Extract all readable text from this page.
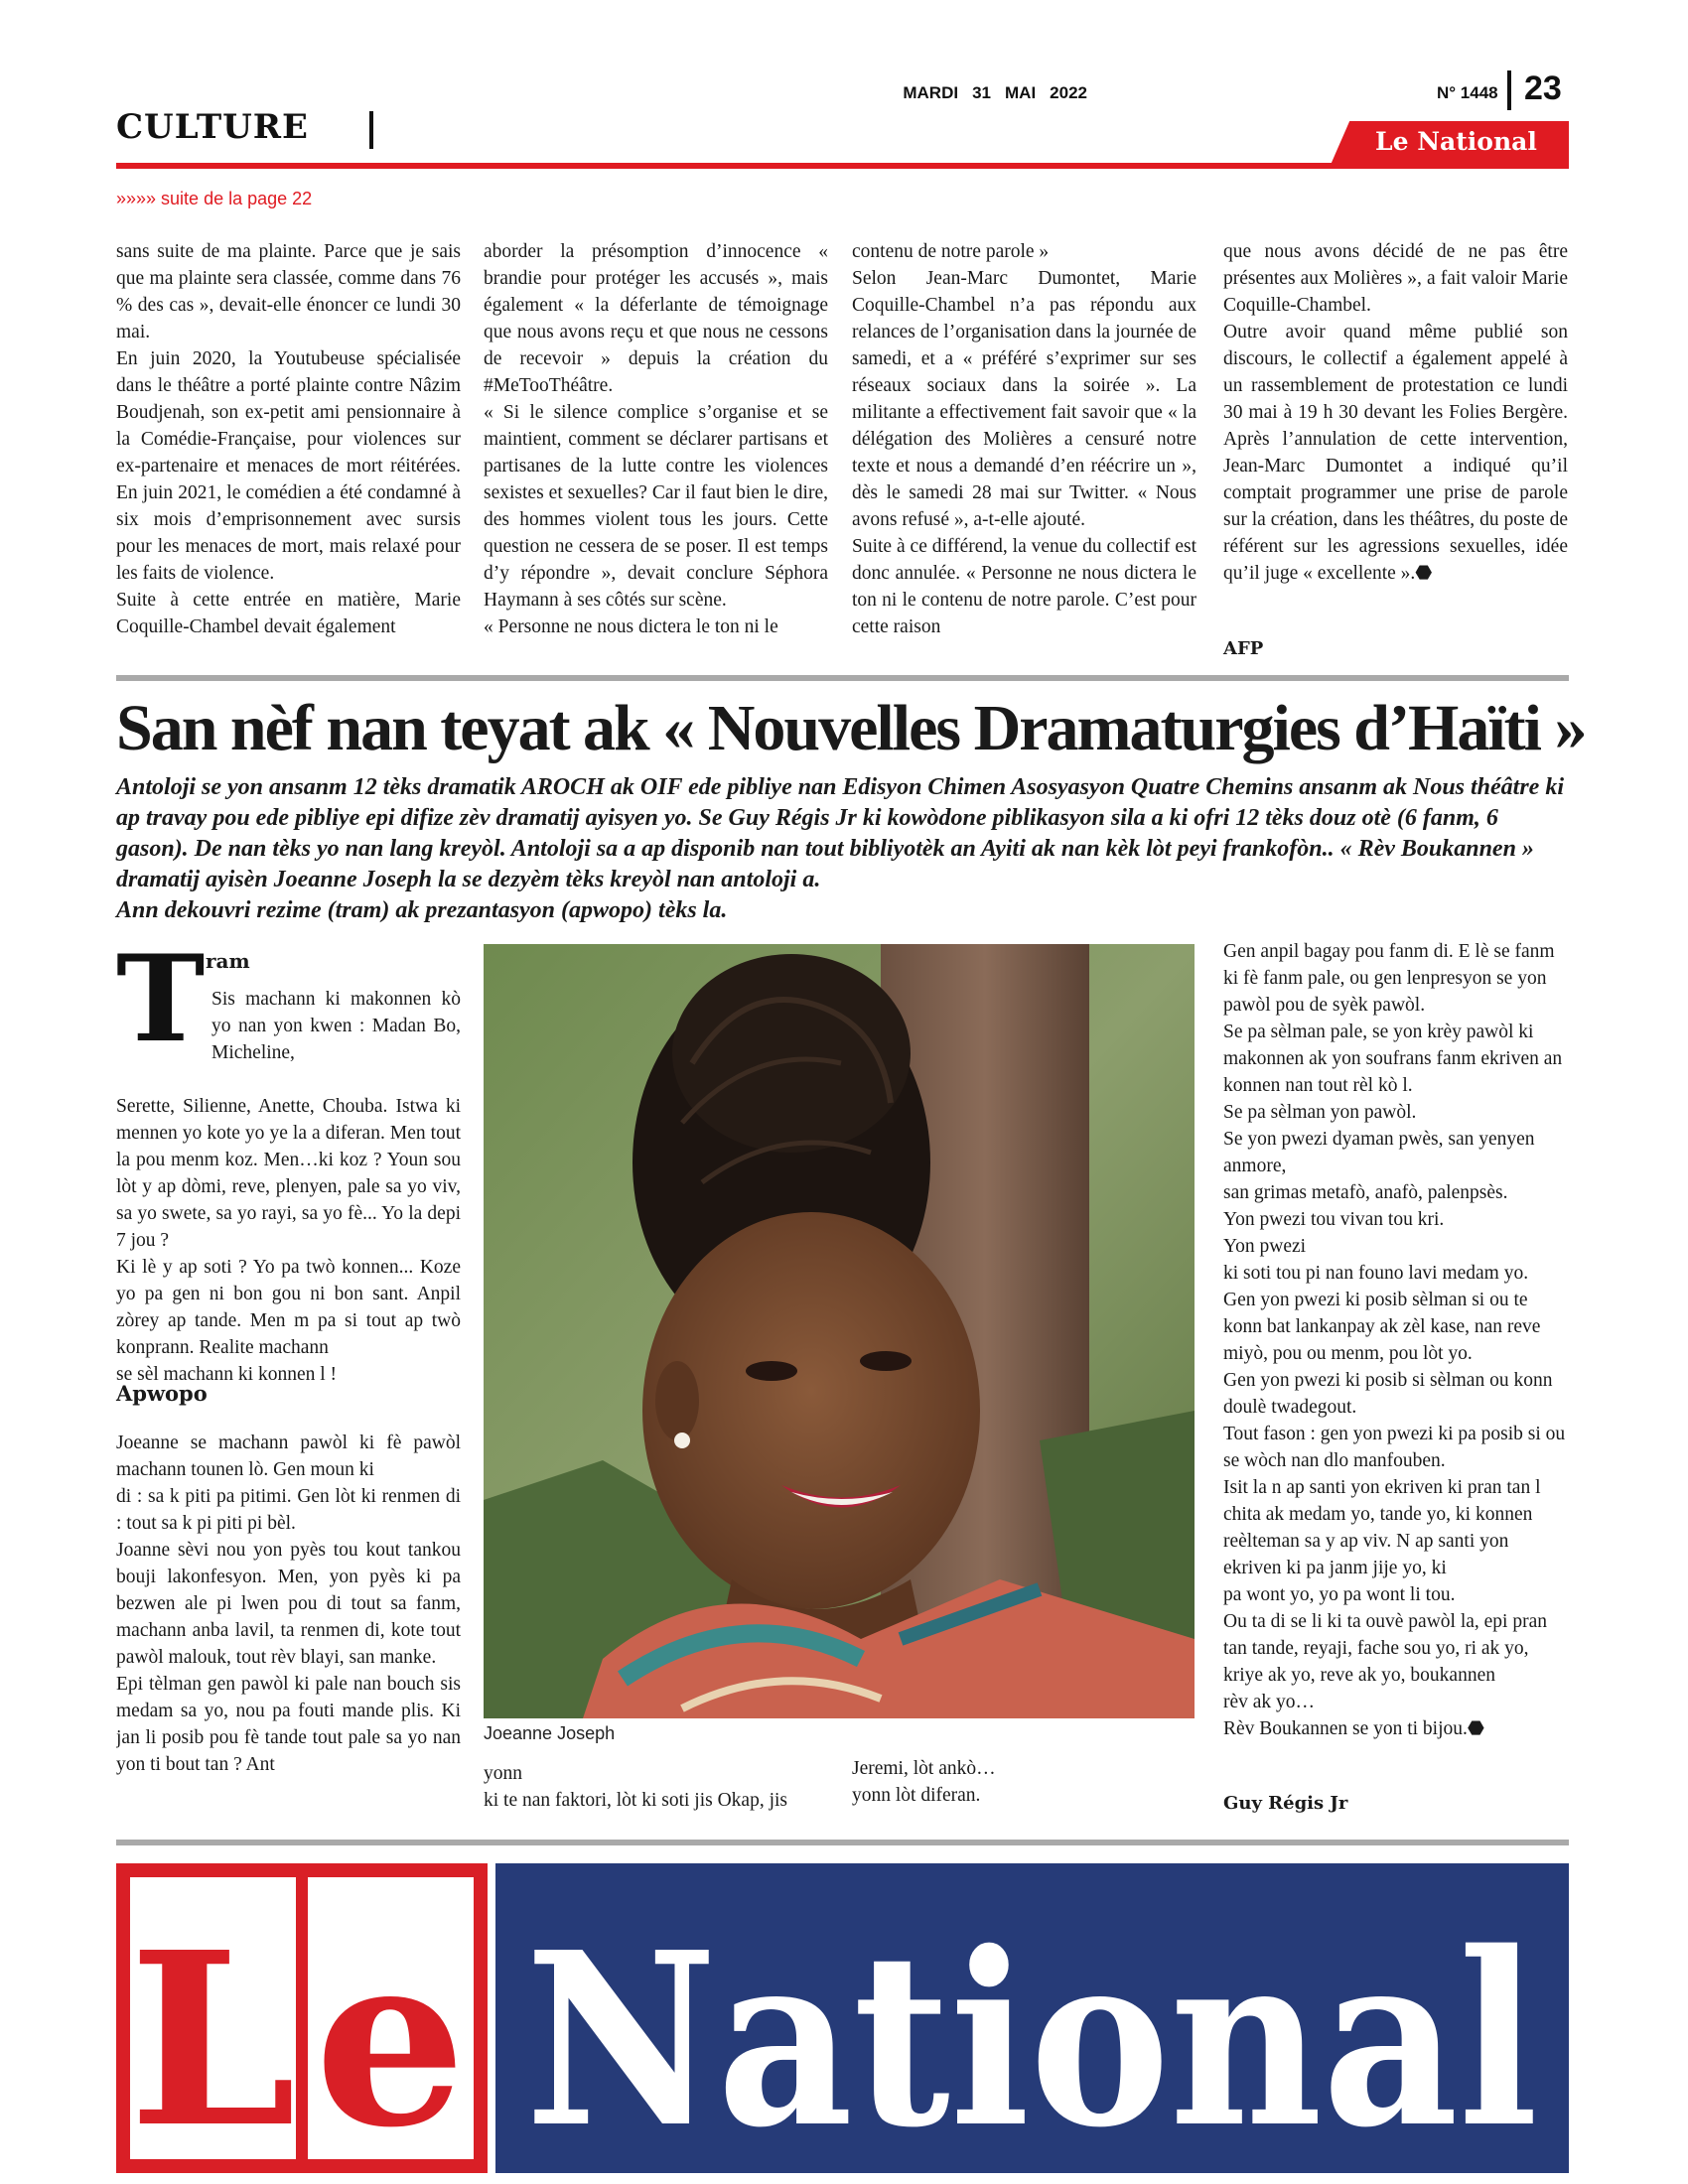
CULTURE
MARDI 31 MAI 2022	N° 1448 23
Le National
»»»» suite de la page 22

sans suite de ma plainte. Parce que je sais que ma plainte sera classée, comme dans 76 % des cas », devait-elle énoncer ce lundi 30 mai.

En juin 2020, la Youtubeuse spécialisée dans le théâtre a porté plainte contre Nâzim Boudjenah, son ex-petit ami pensionnaire à la Comédie-Française, pour violences sur ex-partenaire et menaces de mort réitérées. En juin 2021, le comédien a été condamné à six mois d’emprisonnement avec sursis pour les menaces de mort, mais relaxé pour les faits de violence.

Suite à cette entrée en matière, Marie Coquille-Chambel devait également

aborder la présomption d’innocence « brandie pour protéger les accusés », mais également « la déferlante de témoignage que nous avons reçu et que nous ne cessons de recevoir » depuis la création du #MeTooThéâtre.

« Si le silence complice s’organise et se maintient, comment se déclarer partisans et partisanes de la lutte contre les violences sexistes et sexuelles? Car il faut bien le dire, des hommes violent tous les jours. Cette question ne cessera de se poser. Il est temps d’y répondre », devait conclure Séphora Haymann à ses côtés sur scène.

« Personne ne nous dictera le ton ni le

contenu de notre parole »

Selon Jean-Marc Dumontet, Marie Coquille-Chambel n’a pas répondu aux relances de l’organisation dans la journée de samedi, et a « préféré s’exprimer sur ses réseaux sociaux dans la soirée ». La militante a effectivement fait savoir que « la délégation des Molières a censuré notre texte et nous a demandé d’en réécrire un », dès le samedi 28 mai sur Twitter. « Nous avons refusé », a-t-elle ajouté.

Suite à ce différend, la venue du collectif est donc annulée. « Personne ne nous dictera le ton ni le contenu de notre parole. C’est pour cette raison

que nous avons décidé de ne pas être présentes aux Molières », a fait valoir Marie Coquille-Chambel.

Outre avoir quand même publié son discours, le collectif a également appelé à un rassemblement de protestation ce lundi 30 mai à 19 h 30 devant les Folies Bergère. Après l’annulation de cette intervention, Jean-Marc Dumontet a indiqué qu’il comptait programmer une prise de parole sur la création, dans les théâtres, du poste de référent sur les agressions sexuelles, idée qu’il juge « excellente ».⬣

AFP
San nèf nan teyat ak « Nouvelles Dramaturgies d’Haïti »

Antoloji se yon ansanm 12 tèks dramatik AROCH ak OIF ede pibliye nan Edisyon Chimen Asosyasyon Quatre Chemins ansanm ak Nous théâtre ki ap travay pou ede pibliye epi difize zèv dramatij ayisyen yo. Se Guy Régis Jr ki kowòdone piblikasyon sila a ki ofri 12 tèks douz otè (6 fanm, 6 gason). De nan tèks yo nan lang kreyòl. Antoloji sa a ap disponib nan tout bibliyotèk an Ayiti ak nan kèk lòt peyi frankofòn.. « Rèv Boukannen » dramatij ayisèn Joeanne Joseph la se dezyèm tèks kreyòl nan antoloji a.

Ann dekouvri rezime (tram) ak prezantasyon (apwopo) tèks la.

T ram
Sis machann ki makonnen kò yo nan yon kwen : Madan Bo, Micheline,

Serette, Silienne, Anette, Chouba. Istwa ki mennen yo kote yo ye la a diferan. Men tout la pou menm koz. Men…ki koz ? Youn sou lòt y ap dòmi, reve, plenyen, pale sa yo viv, sa yo swete, sa yo rayi, sa yo fè... Yo la depi 7 jou ?

Ki lè y ap soti ? Yo pa twò konnen... Koze yo pa gen ni bon gou ni bon sant. Anpil zòrey ap tande. Men m pa si tout ap twò konprann. Realite machann

se sèl machann ki konnen l !

Apwopo

Joeanne se machann pawòl ki fè pawòl machann tounen lò. Gen moun ki

di : sa k piti pa pitimi. Gen lòt ki renmen di : tout sa k pi piti pi bèl.

Joanne sèvi nou yon pyès tou kout tankou bouji lakonfesyon. Men, yon pyès ki pa bezwen ale pi lwen pou di tout sa fanm, machann anba lavil, ta renmen di, kote tout pawòl malouk, tout rèv blayi, san manke.

Epi tèlman gen pawòl ki pale nan bouch sis medam sa yo, nou pa fouti mande plis. Ki jan li posib pou fè tande tout pale sa yo nan yon ti bout tan ? Ant

Joeanne Joseph

yonn

ki te nan faktori, lòt ki soti jis Okap, jis

Jeremi, lòt ankò…

yonn lòt diferan.

Gen anpil bagay pou fanm di. E lè se fanm ki fè fanm pale, ou gen lenpresyon se yon pawòl pou de syèk pawòl.

Se pa sèlman pale, se yon krèy pawòl ki makonnen ak yon soufrans fanm ekriven an konnen nan tout rèl kò l.

Se pa sèlman yon pawòl.

Se yon pwezi dyaman pwès, san yenyen anmore,

san grimas metafò, anafò, palenpsès.

Yon pwezi tou vivan tou kri.

Yon pwezi

ki soti tou pi nan founo lavi medam yo.

Gen yon pwezi ki posib sèlman si ou te konn bat lankanpay ak zèl kase, nan reve miyò, pou ou menm, pou lòt yo.

Gen yon pwezi ki posib si sèlman ou konn doulè twadegout.

Tout fason : gen yon pwezi ki pa posib si ou se wòch nan dlo manfouben.

Isit la n ap santi yon ekriven ki pran tan l chita ak medam yo, tande yo, ki konnen reèlteman sa y ap viv. N ap santi yon ekriven ki pa janm jije yo, ki

pa wont yo, yo pa wont li tou.

Ou ta di se li ki ta ouvè pawòl la, epi pran

tan tande, reyaji, fache sou yo, ri ak yo, kriye ak yo, reve ak yo, boukannen

rèv ak yo…

Rèv Boukannen se yon ti bijou.⬣

Guy Régis Jr
L e National
